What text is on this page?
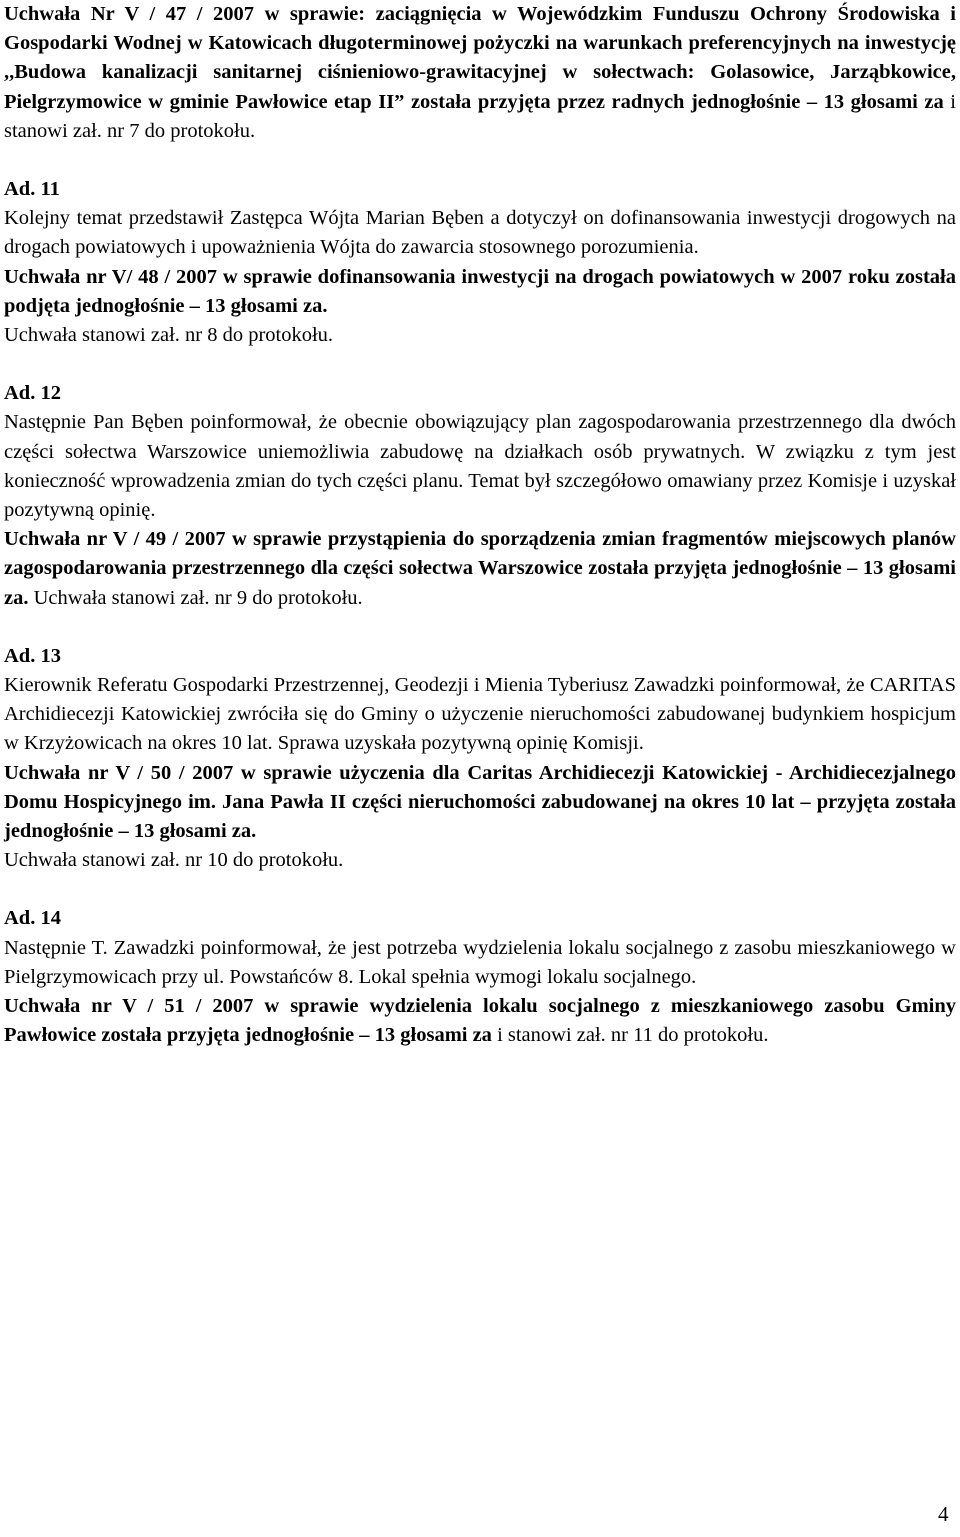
Uchwała Nr V / 47 / 2007 w sprawie: zaciągnięcia w Wojewódzkim Funduszu Ochrony Środowiska i Gospodarki Wodnej w Katowicach długoterminowej pożyczki na warunkach preferencyjnych na inwestycję ,,Budowa kanalizacji sanitarnej ciśnieniowo-grawitacyjnej w sołectwach: Golasowice, Jarząbkowice, Pielgrzymowice w gminie Pawłowice etap II” została przyjęta przez radnych jednogłośnie – 13 głosami za i stanowi zał. nr 7 do protokołu.

Ad. 11

Kolejny temat przedstawił Zastępca Wójta Marian Bęben a dotyczył on dofinansowania inwestycji drogowych na drogach powiatowych i upoważnienia Wójta do zawarcia stosownego porozumienia.

Uchwała nr V/ 48 / 2007 w sprawie dofinansowania inwestycji na drogach powiatowych w 2007 roku została podjęta jednogłośnie – 13 głosami za.

Uchwała stanowi zał. nr 8 do protokołu.

Ad. 12

Następnie Pan Bęben poinformował, że obecnie obowiązujący plan zagospodarowania przestrzennego dla dwóch części sołectwa Warszowice uniemożliwia zabudowę na działkach osób prywatnych. W związku z tym jest konieczność wprowadzenia zmian do tych części planu. Temat był szczegółowo omawiany przez Komisje i uzyskał pozytywną opinię.

Uchwała nr V / 49 / 2007 w sprawie przystąpienia do sporządzenia zmian fragmentów miejscowych planów zagospodarowania przestrzennego dla części sołectwa Warszowice została przyjęta jednogłośnie – 13 głosami za. Uchwała stanowi zał. nr 9 do protokołu.

Ad. 13

Kierownik Referatu Gospodarki Przestrzennej, Geodezji i Mienia Tyberiusz Zawadzki poinformował, że CARITAS Archidiecezji Katowickiej zwróciła się do Gminy o użyczenie nieruchomości zabudowanej budynkiem hospicjum w Krzyżowicach na okres 10 lat. Sprawa uzyskała pozytywną opinię Komisji.

Uchwała nr V / 50 / 2007 w sprawie użyczenia dla Caritas Archidiecezji Katowickiej - Archidiecezjalnego Domu Hospicyjnego im. Jana Pawła II części nieruchomości zabudowanej na okres 10 lat – przyjęta została jednogłośnie – 13 głosami za.

Uchwała stanowi zał. nr 10 do protokołu.

Ad. 14

Następnie T. Zawadzki poinformował, że jest potrzeba wydzielenia lokalu socjalnego z zasobu mieszkaniowego w Pielgrzymowicach przy ul. Powstańców 8. Lokal spełnia wymogi lokalu socjalnego.

Uchwała nr V / 51 / 2007 w sprawie wydzielenia lokalu socjalnego z mieszkaniowego zasobu Gminy Pawłowice została przyjęta jednogłośnie – 13 głosami za i stanowi zał. nr 11 do protokołu.

4
